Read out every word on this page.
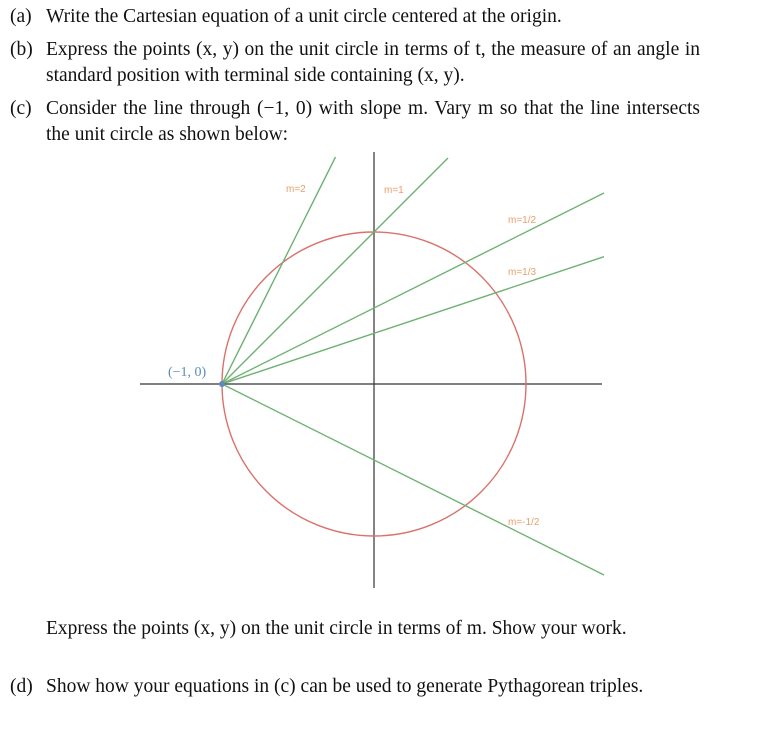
(a) Write the Cartesian equation of a unit circle centered at the origin.
(b) Express the points (x, y) on the unit circle in terms of t, the measure of an angle in standard position with terminal side containing (x, y).
(c) Consider the line through (−1, 0) with slope m. Vary m so that the line intersects the unit circle as shown below:
m=2	m=1
m=1/2
m=1/3
m=-1/2
(−1, 0)
Express the points (x, y) on the unit circle in terms of m. Show your work.
(d) Show how your equations in (c) can be used to generate Pythagorean triples.
